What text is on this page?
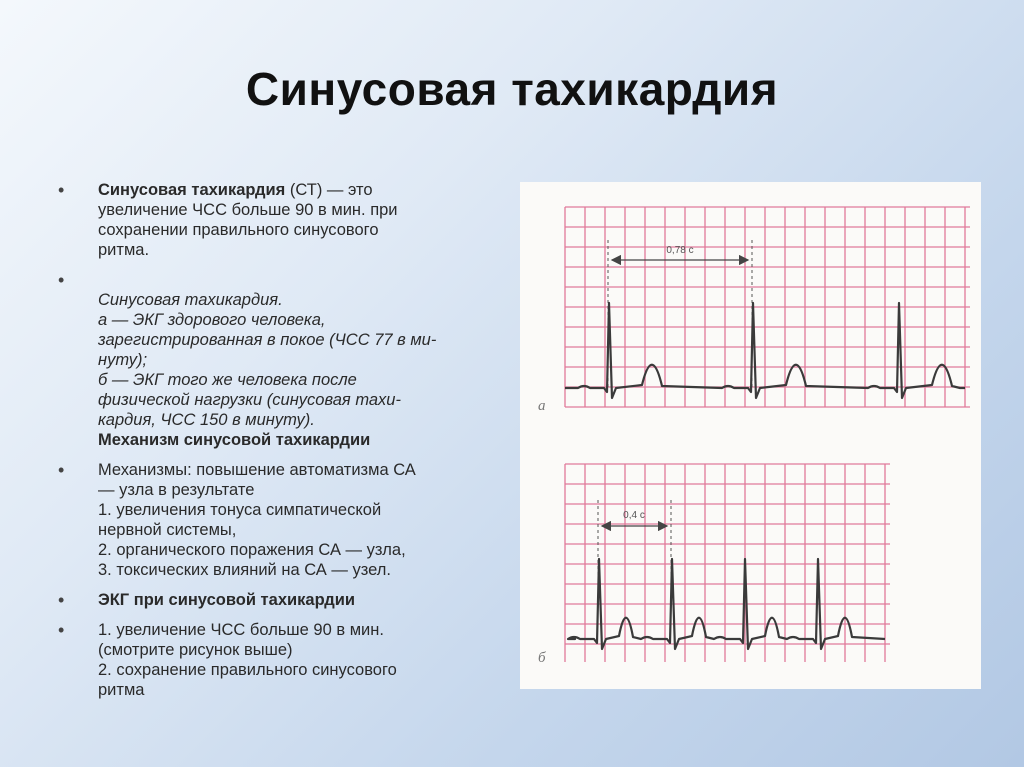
Синусовая тахикардия
• Синусовая тахикардия (СТ) — это
увеличение ЧСС больше 90 в мин. при
сохранении правильного синусового
ритма.
•
Синусовая тахикардия.
а — ЭКГ здорового человека,
зарегистрированная в покое (ЧСС 77 в ми-
нуту);
б — ЭКГ того же человека после
физической нагрузки (синусовая тахи-
кардия, ЧСС 150 в минуту).
Механизм синусовой тахикардии
• Механизмы: повышение автоматизма СА
— узла в результате
1. увеличения тонуса симпатической
нервной системы,
2. органического поражения СА — узла,
3. токсических влияний на СА — узел.
• ЭКГ при синусовой тахикардии
• 1. увеличение ЧСС больше 90 в мин.
(смотрите рисунок выше)
2. сохранение правильного синусового
ритма
0,78 с
0,4 с
а
б
